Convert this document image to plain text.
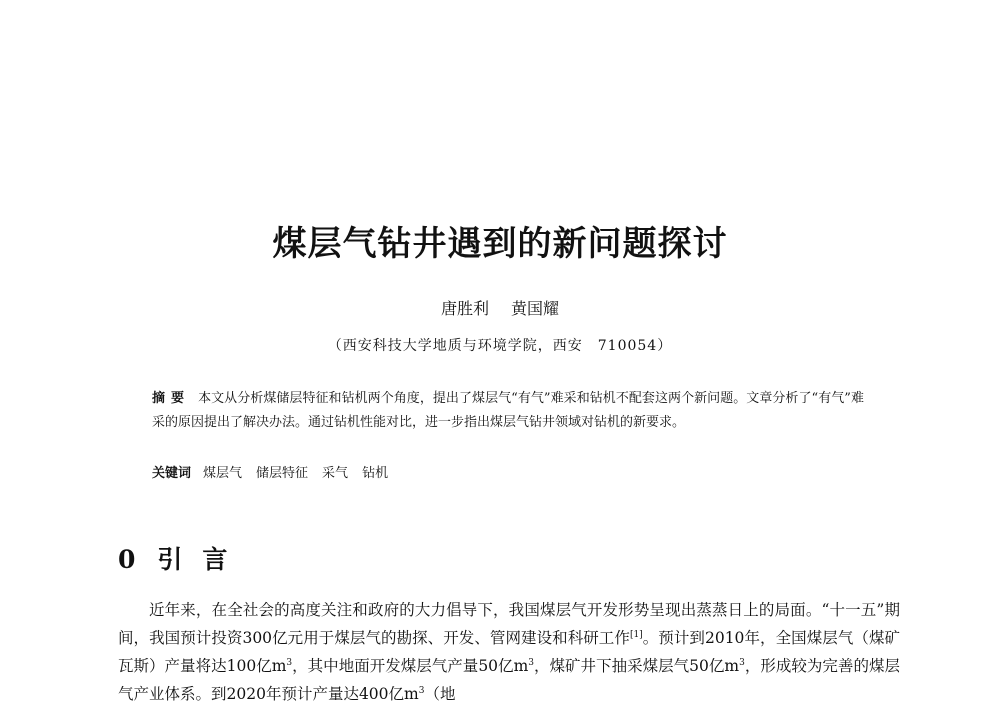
煤层气钻井遇到的新问题探讨
唐胜利 黄国耀
（西安科技大学地质与环境学院，西安　710054）
摘要 本文从分析煤储层特征和钻机两个角度，提出了煤层气“有气”难采和钻机不配套这两个新问题。文章分析了“有气”难采的原因提出了解决办法。通过钻机性能对比，进一步指出煤层气钻井领域对钻机的新要求。
关键词 煤层气 储层特征 采气 钻机
0 引言

近年来，在全社会的高度关注和政府的大力倡导下，我国煤层气开发形势呈现出蒸蒸日上的局面。“十一五”期间，我国预计投资300亿元用于煤层气的勘探、开发、管网建设和科研工作[1]。预计到2010年，全国煤层气（煤矿瓦斯）产量将达100亿$m^3$，其中地面开发煤层气产量50亿$m^3$，煤矿井下抽采煤层气50亿$m^3$，形成较为完善的煤层气产业体系。到2020年预计产量达400亿$m^3$（地
